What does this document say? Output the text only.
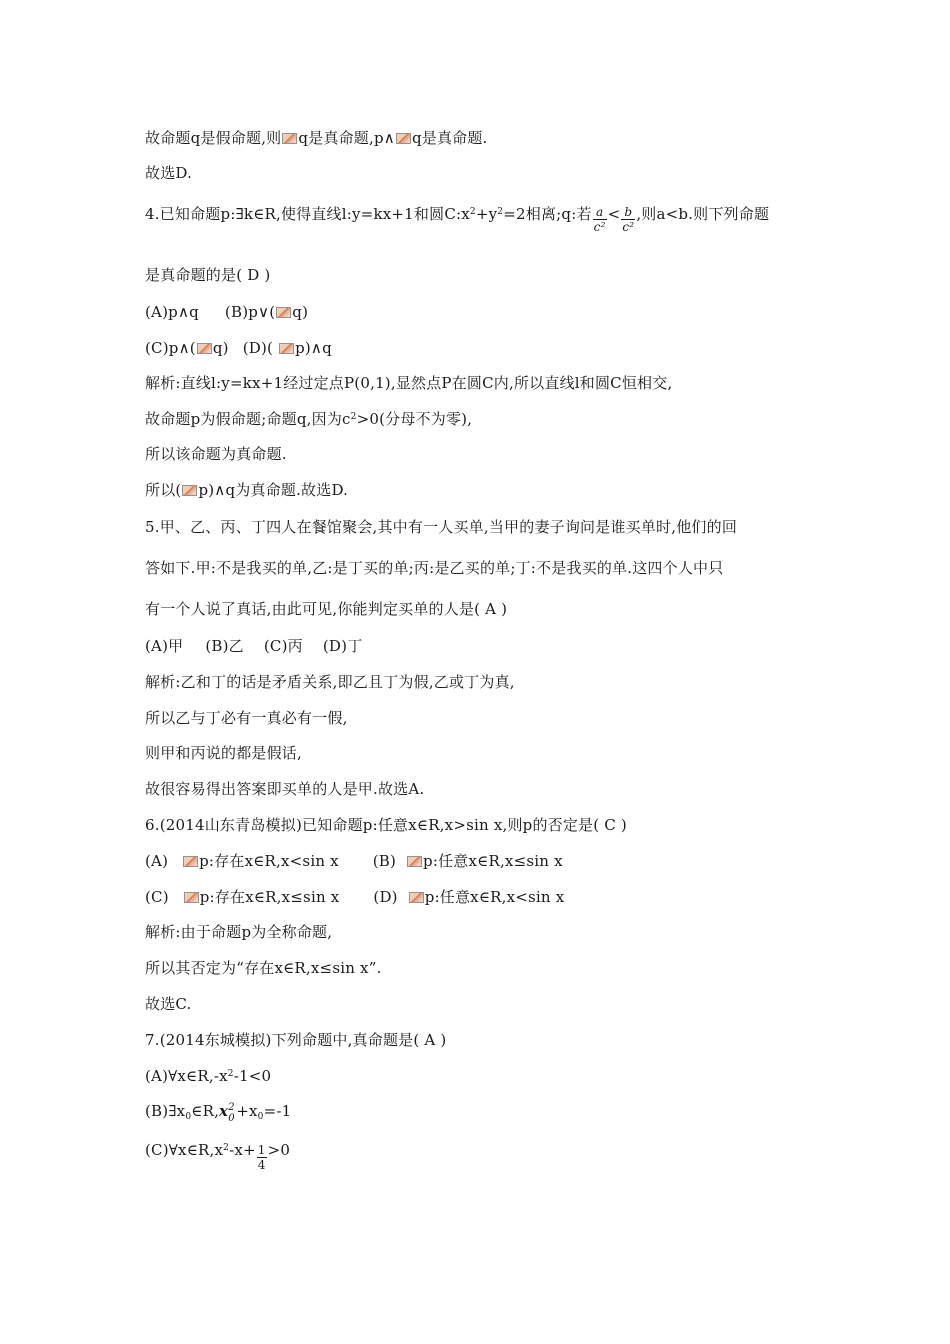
故命题q是假命题,则 q是真命题,p∧ q是真命题.
故选D.
4.已知命题p:∃k∈R,使得直线l:y=kx+1和圆$C:x^2+y^2=2$相离;q:若 $\frac{a}{\text{c²}} < \frac{b}{\text{c²}}$ ,则a<b.则下列命题
是真命题的是( D )
(A)p∧q (B)p∨( q)
(C)p∧( q) (D)( p)∧q
解析:直线l:y=kx+1经过定点P(0,1),显然点P在圆C内,所以直线l和圆C恒相交,
故命题p为假命题;命题q,因为$c^2>0$(分母不为零),
所以该命题为真命题.
所以( p)∧q为真命题.故选D.
5.甲、乙、丙、丁四人在餐馆聚会,其中有一人买单,当甲的妻子询问是谁买单时,他们的回
答如下.甲:不是我买的单,乙:是丁买的单;丙:是乙买的单;丁:不是我买的单.这四个人中只
有一个人说了真话,由此可见,你能判定买单的人是( A )
(A)甲 (B)乙 (C)丙 (D)丁
解析:乙和丁的话是矛盾关系,即乙且丁为假,乙或丁为真,
所以乙与丁必有一真必有一假,
则甲和丙说的都是假话,
故很容易得出答案即买单的人是甲.故选A.
6.(2014山东青岛模拟)已知命题p:任意x∈R,x>sin x,则p的否定是( C )
(A) p:存在x∈R,x<sin x (B) p:任意x∈R,x≤sin x
(C) p:存在x∈R,x≤sin x (D) p:任意x∈R,x<sin x
解析:由于命题p为全称命题,
所以其否定为“存在x∈R,x≤sin x”.
故选C.
7.(2014东城模拟)下列命题中,真命题是( A )
$(A)\forall x\in R,-x^2-1<0$
$(B)\exists x_0\in R,x$ 2
$0 +x_0=-1$
$(C)\forall x\in R,x^2-x+ \frac{1}{4} >0$
